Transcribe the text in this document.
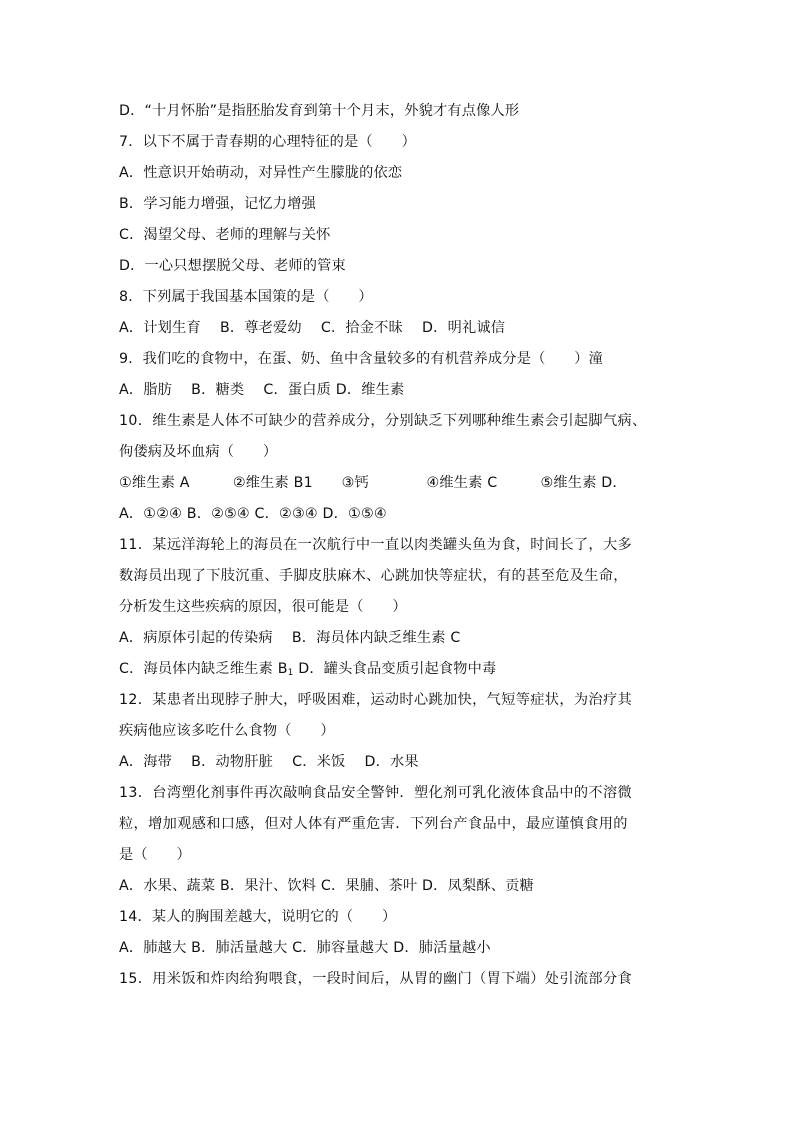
D．“十月怀胎”是指胚胎发育到第十个月末，外貌才有点像人形
7．以下不属于青春期的心理特征的是（　　）
A．性意识开始萌动，对异性产生朦胧的依恋
B．学习能力增强，记忆力增强
C．渴望父母、老师的理解与关怀
D．一心只想摆脱父母、老师的管束
8．下列属于我国基本国策的是（　　）
A．计划生育　 B．尊老爱幼　 C．拾金不昧　 D．明礼诚信
9．我们吃的食物中，在蛋、奶、鱼中含量较多的有机营养成分是（　　）潼
A．脂肪　 B．糖类　 C．蛋白质 D．维生素
10．维生素是人体不可缺少的营养成分，分别缺乏下列哪种维生素会引起脚气病、
佝偻病及坏血病（　　）
①维生素 A　　　②维生素 B1　　③钙　　　　④维生素 C　　　⑤维生素 D．
A．①②④ B．②⑤④ C．②③④ D．①⑤④
11．某远洋海轮上的海员在一次航行中一直以肉类罐头鱼为食，时间长了，大多
数海员出现了下肢沉重、手脚皮肤麻木、心跳加快等症状，有的甚至危及生命，
分析发生这些疾病的原因，很可能是（　　）
A．病原体引起的传染病　 B．海员体内缺乏维生素 C
C．海员体内缺乏维生素 $B_1$ D．罐头食品变质引起食物中毒
12．某患者出现脖子肿大，呼吸困难，运动时心跳加快，气短等症状，为治疗其
疾病他应该多吃什么食物（　　）
A．海带　 B．动物肝脏　 C．米饭　 D．水果
13．台湾塑化剂事件再次敲响食品安全警钟．塑化剂可乳化液体食品中的不溶微
粒，增加观感和口感，但对人体有严重危害．下列台产食品中，最应谨慎食用的
是（　　）
A．水果、蔬菜 B．果汁、饮料 C．果脯、茶叶 D．凤梨酥、贡糖
14．某人的胸围差越大，说明它的（　　）
A．肺越大 B．肺活量越大 C．肺容量越大 D．肺活量越小
15．用米饭和炸肉给狗喂食，一段时间后，从胃的幽门（胃下端）处引流部分食
